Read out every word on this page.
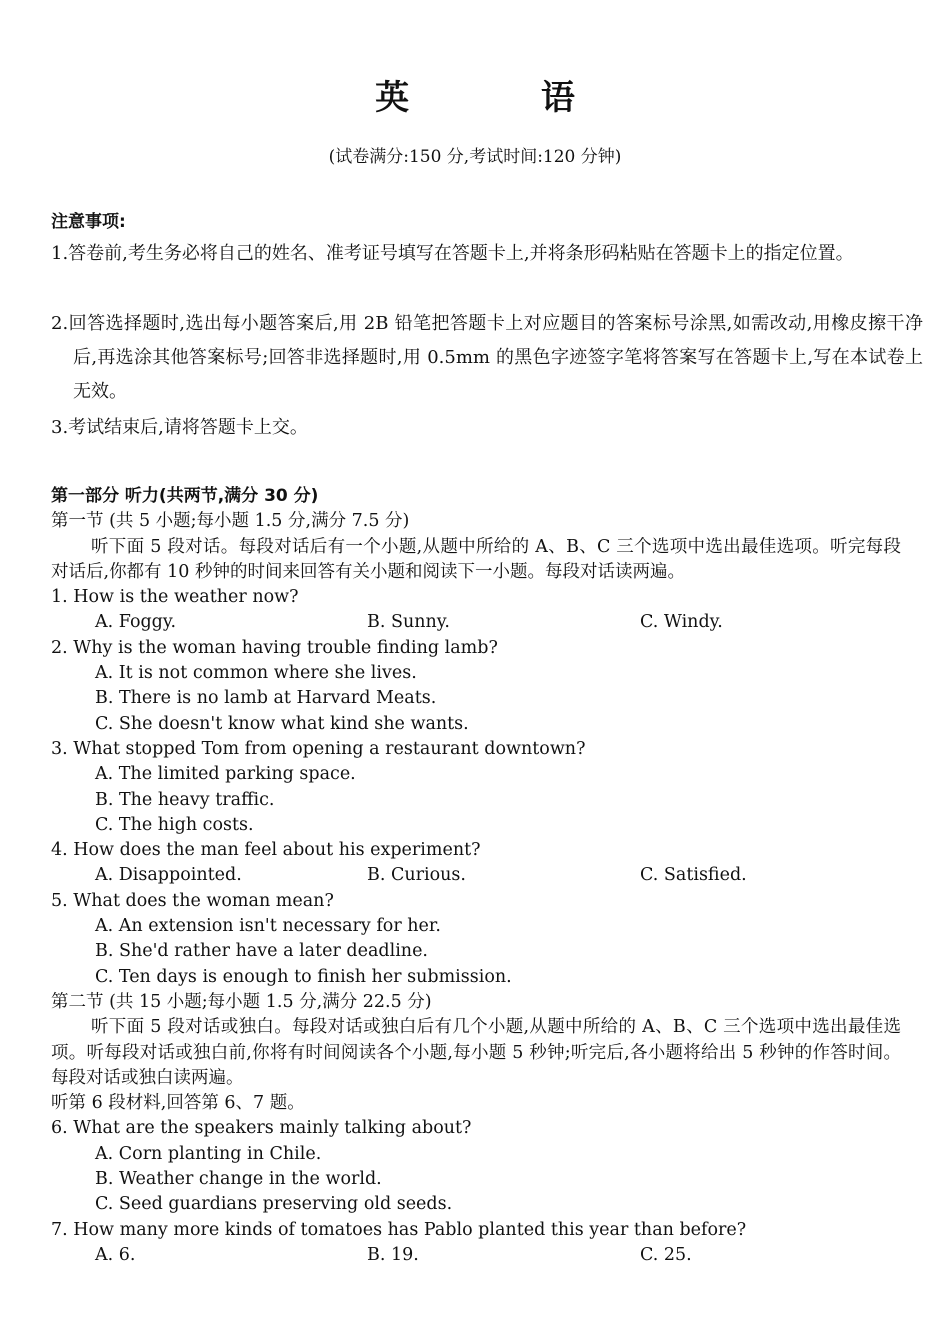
英 语
(试卷满分:150 分,考试时间:120 分钟)
注意事项:
1.答卷前,考生务必将自己的姓名、准考证号填写在答题卡上,并将条形码粘贴在答题卡上的指定位置。
2.回答选择题时,选出每小题答案后,用 2B 铅笔把答题卡上对应题目的答案标号涂黑,如需改动,用橡皮擦干净后,再选涂其他答案标号;回答非选择题时,用 0.5mm 的黑色字迹签字笔将答案写在答题卡上,写在本试卷上无效。
3.考试结束后,请将答题卡上交。
第一部分 听力(共两节,满分 30 分)
第一节 (共 5 小题;每小题 1.5 分,满分 7.5 分)
听下面 5 段对话。每段对话后有一个小题,从题中所给的 A、B、C 三个选项中选出最佳选项。听完每段对话后,你都有 10 秒钟的时间来回答有关小题和阅读下一小题。每段对话读两遍。
1. How is the weather now?
A. Foggy.	B. Sunny.	C. Windy.
2. Why is the woman having trouble finding lamb?
A. It is not common where she lives.
B. There is no lamb at Harvard Meats.
C. She doesn't know what kind she wants.
3. What stopped Tom from opening a restaurant downtown?
A. The limited parking space.
B. The heavy traffic.
C. The high costs.
4. How does the man feel about his experiment?
A. Disappointed.	B. Curious.	C. Satisfied.
5. What does the woman mean?
A. An extension isn't necessary for her.
B. She'd rather have a later deadline.
C. Ten days is enough to finish her submission.
第二节 (共 15 小题;每小题 1.5 分,满分 22.5 分)
听下面 5 段对话或独白。每段对话或独白后有几个小题,从题中所给的 A、B、C 三个选项中选出最佳选项。听每段对话或独白前,你将有时间阅读各个小题,每小题 5 秒钟;听完后,各小题将给出 5 秒钟的作答时间。每段对话或独白读两遍。
听第 6 段材料,回答第 6、7 题。
6. What are the speakers mainly talking about?
A. Corn planting in Chile.
B. Weather change in the world.
C. Seed guardians preserving old seeds.
7. How many more kinds of tomatoes has Pablo planted this year than before?
A. 6.	B. 19.	C. 25.
